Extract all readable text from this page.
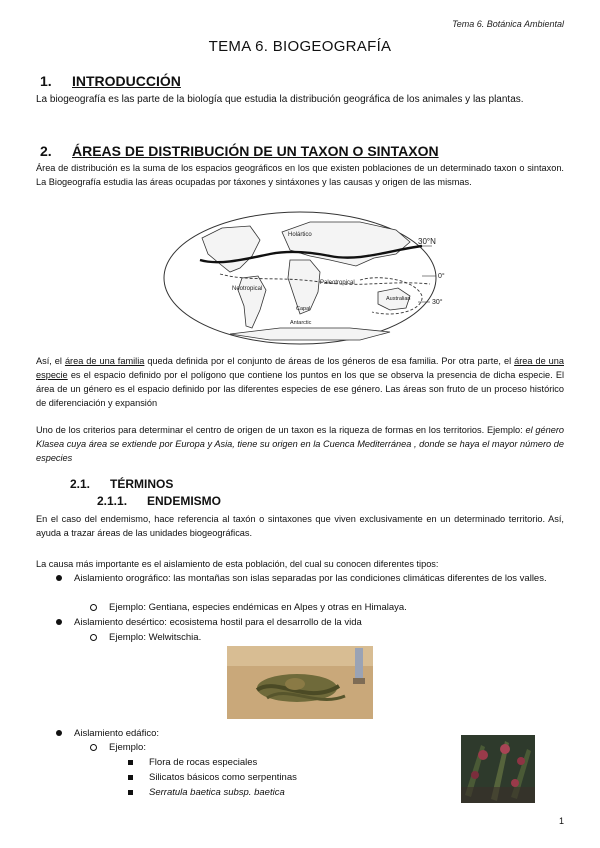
Tema 6. Botánica Ambiental
TEMA 6. BIOGEOGRAFÍA
1. INTRODUCCIÓN
La biogeografía es las parte de la biología que estudia la distribución geográfica de los animales y las plantas.
2. ÁREAS DE DISTRIBUCIÓN DE UN TAXON O SINTAXON
Área de distribución es la suma de los espacios geográficos en los que existen poblaciones de un determinado taxon o sintaxon. La Biogeografía estudia las áreas ocupadas por táxones y sintáxones y las causas y origen de las mismas.
30°N
0°
30°
Holártico
Neotropical
Paleotropical
Australian
Capal
Antarctic
Así, el área de una familia queda definida por el conjunto de áreas de los géneros de esa familia. Por otra parte, el área de una especie es el espacio definido por el polígono que contiene los puntos en los que se observa la presencia de dicha especie. El área de un género es el espacio definido por las diferentes especies de ese género. Las áreas son fruto de un proceso histórico de diferenciación y expansión
Uno de los criterios para determinar el centro de origen de un taxon es la riqueza de formas en los territorios. Ejemplo: el género Klasea cuya área se extiende por Europa y Asia, tiene su origen en la Cuenca Mediterránea , donde se haya el mayor número de especies
2.1. TÉRMINOS
2.1.1. ENDEMISMO
En el caso del endemismo, hace referencia al taxón o sintaxones que viven exclusivamente en un determinado territorio. Así, ayuda a trazar áreas de las unidades biogeográficas.
La causa más importante es el aislamiento de esta población, del cual su conocen diferentes tipos:
Aislamiento orográfico: las montañas son islas separadas por las condiciones climáticas diferentes de los valles.
Ejemplo: Gentiana, especies endémicas en Alpes y otras en Himalaya.
Aislamiento desértico: ecosistema hostil para el desarrollo de la vida
Ejemplo: Welwitschia.
Aislamiento edáfico:
Ejemplo:
Flora de rocas especiales
Silicatos básicos como serpentinas
Serratula baetica subsp. baetica
1
